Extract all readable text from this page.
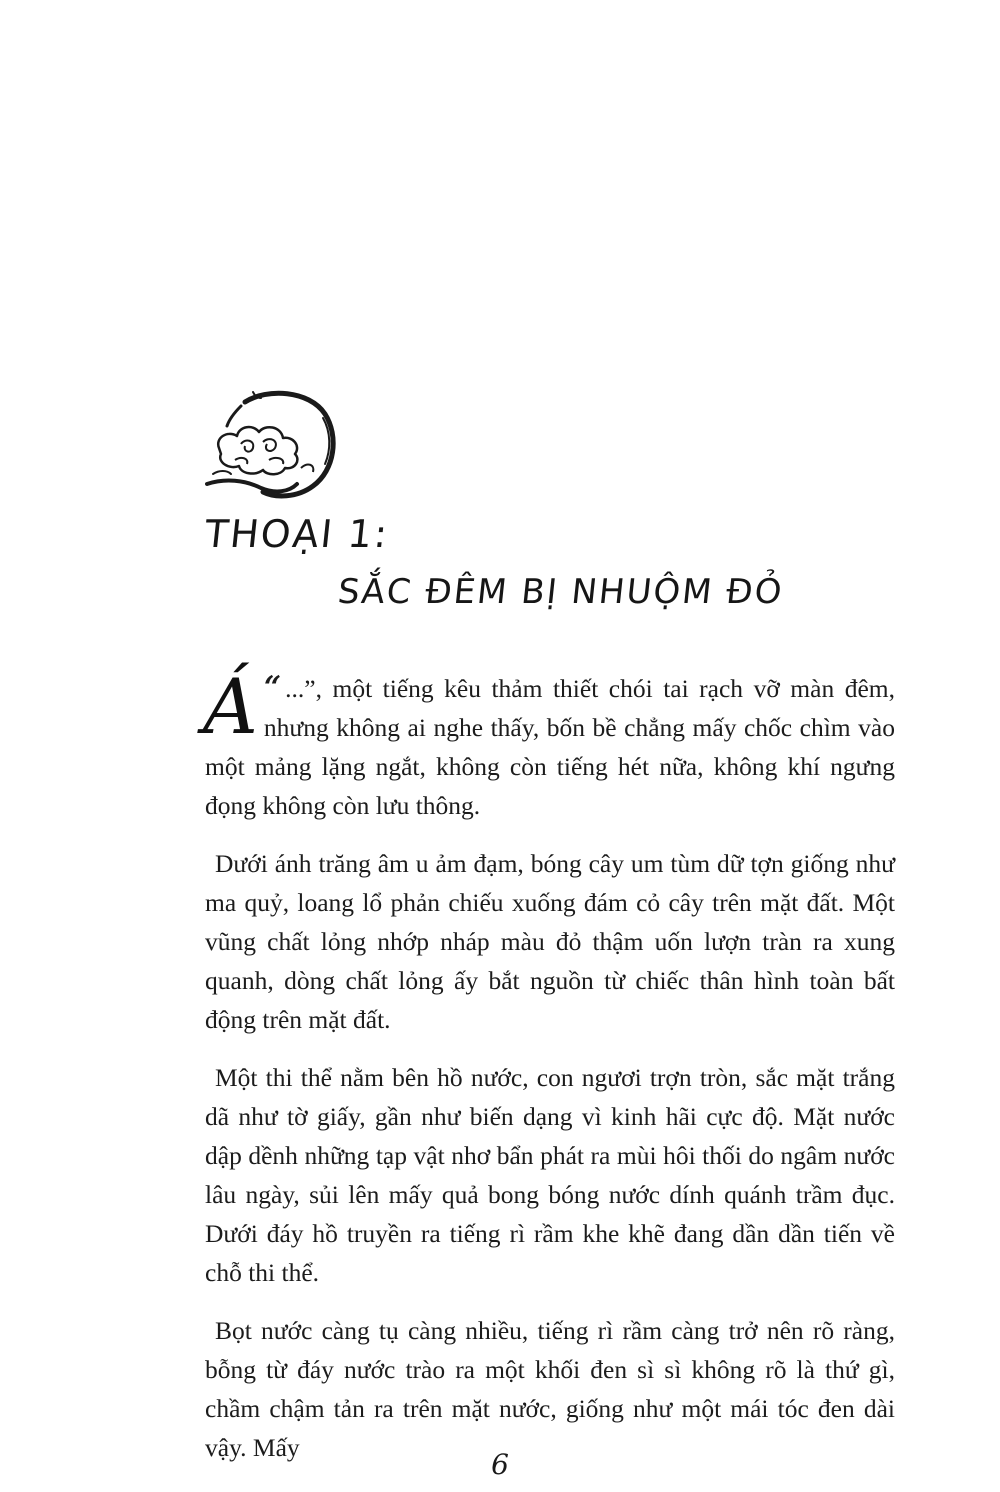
THOẠI 1:
SẮC ĐÊM BỊ NHUỘM ĐỎ

“
Á ...”, một tiếng kêu thảm thiết chói tai rạch vỡ màn đêm, nhưng không ai nghe thấy, bốn bề chẳng mấy chốc chìm vào một mảng lặng ngắt, không còn tiếng hét nữa, không khí ngưng đọng không còn lưu thông.

Dưới ánh trăng âm u ảm đạm, bóng cây um tùm dữ tợn giống như ma quỷ, loang lổ phản chiếu xuống đám cỏ cây trên mặt đất. Một vũng chất lỏng nhớp nháp màu đỏ thậm uốn lượn tràn ra xung quanh, dòng chất lỏng ấy bắt nguồn từ chiếc thân hình toàn bất động trên mặt đất.

Một thi thể nằm bên hồ nước, con ngươi trợn tròn, sắc mặt trắng dã như tờ giấy, gần như biến dạng vì kinh hãi cực độ. Mặt nước dập dềnh những tạp vật nhơ bẩn phát ra mùi hôi thối do ngâm nước lâu ngày, sủi lên mấy quả bong bóng nước dính quánh trầm đục. Dưới đáy hồ truyền ra tiếng rì rầm khe khẽ đang dần dần tiến về chỗ thi thể.

Bọt nước càng tụ càng nhiều, tiếng rì rầm càng trở nên rõ ràng, bỗng từ đáy nước trào ra một khối đen sì sì không rõ là thứ gì, chầm chậm tản ra trên mặt nước, giống như một mái tóc đen dài vậy. Mấy

6
